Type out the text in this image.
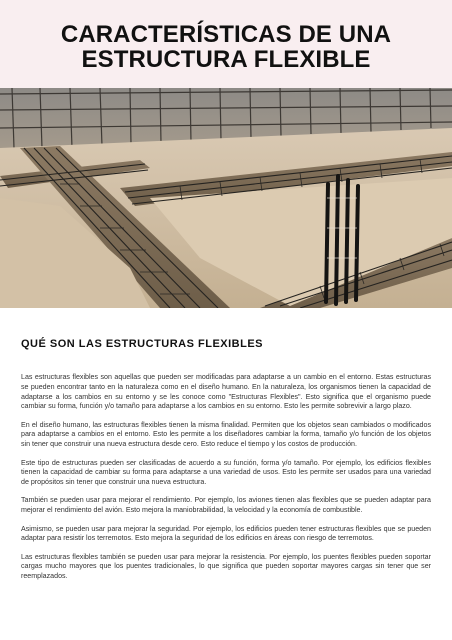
CARACTERÍSTICAS DE UNA
ESTRUCTURA FLEXIBLE
QUÉ SON LAS ESTRUCTURAS FLEXIBLES

Las estructuras flexibles son aquellas que pueden ser modificadas para adaptarse a un cambio en el entorno. Estas estructuras se pueden encontrar tanto en la naturaleza como en el diseño humano. En la naturaleza, los organismos tienen la capacidad de adaptarse a los cambios en su entorno y se les conoce como "Estructuras Flexibles". Esto significa que el organismo puede cambiar su forma, función y/o tamaño para adaptarse a los cambios en su entorno. Esto les permite sobrevivir a largo plazo.

En el diseño humano, las estructuras flexibles tienen la misma finalidad. Permiten que los objetos sean cambiados o modificados para adaptarse a cambios en el entorno. Esto les permite a los diseñadores cambiar la forma, tamaño y/o función de los objetos sin tener que construir una nueva estructura desde cero. Esto reduce el tiempo y los costos de producción.

Este tipo de estructuras pueden ser clasificadas de acuerdo a su función, forma y/o tamaño. Por ejemplo, los edificios flexibles tienen la capacidad de cambiar su forma para adaptarse a una variedad de usos. Esto les permite ser usados para una variedad de propósitos sin tener que construir una nueva estructura.

También se pueden usar para mejorar el rendimiento. Por ejemplo, los aviones tienen alas flexibles que se pueden adaptar para mejorar el rendimiento del avión. Esto mejora la maniobrabilidad, la velocidad y la economía de combustible.

Asimismo, se pueden usar para mejorar la seguridad. Por ejemplo, los edificios pueden tener estructuras flexibles que se pueden adaptar para resistir los terremotos. Esto mejora la seguridad de los edificios en áreas con riesgo de terremotos.

Las estructuras flexibles también se pueden usar para mejorar la resistencia. Por ejemplo, los puentes flexibles pueden soportar cargas mucho mayores que los puentes tradicionales, lo que significa que pueden soportar mayores cargas sin tener que ser reemplazados.
